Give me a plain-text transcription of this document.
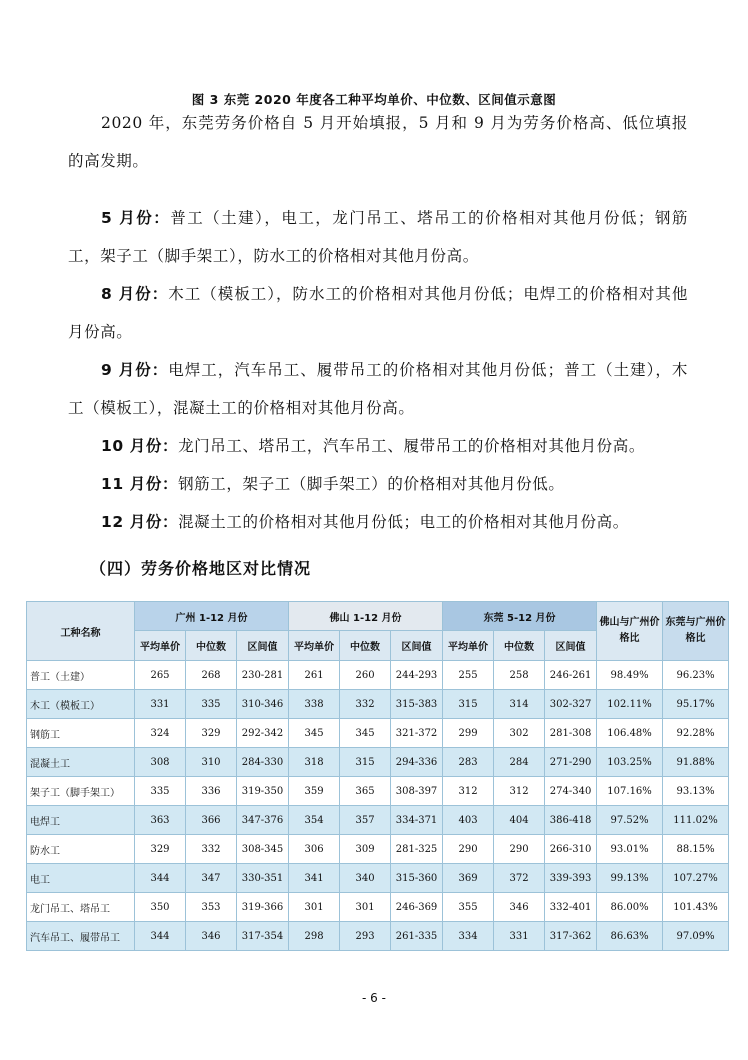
图 3 东莞 2020 年度各工种平均单价、中位数、区间值示意图

2020 年，东莞劳务价格自 5 月开始填报，5 月和 9 月为劳务价格高、低位填报的高发期。

5 月份：普工（土建），电工，龙门吊工、塔吊工的价格相对其他月份低；钢筋工，架子工（脚手架工），防水工的价格相对其他月份高。

8 月份：木工（模板工），防水工的价格相对其他月份低；电焊工的价格相对其他月份高。

9 月份：电焊工，汽车吊工、履带吊工的价格相对其他月份低；普工（土建），木工（模板工），混凝土工的价格相对其他月份高。

10 月份：龙门吊工、塔吊工，汽车吊工、履带吊工的价格相对其他月份高。

11 月份：钢筋工，架子工（脚手架工）的价格相对其他月份低。

12 月份：混凝土工的价格相对其他月份低；电工的价格相对其他月份高。

（四）劳务价格地区对比情况
工种名称	广州 1-12 月份			佛山 1-12 月份			东莞 5-12 月份			佛山与广州价格比	东莞与广州价格比
	平均单价	中位数	区间值	平均单价	中位数	区间值	平均单价	中位数	区间值		
普工（土建）	265	268	230-281	261	260	244-293	255	258	246-261	98.49%	96.23%
木工（模板工）	331	335	310-346	338	332	315-383	315	314	302-327	102.11%	95.17%
钢筋工	324	329	292-342	345	345	321-372	299	302	281-308	106.48%	92.28%
混凝土工	308	310	284-330	318	315	294-336	283	284	271-290	103.25%	91.88%
架子工（脚手架工）	335	336	319-350	359	365	308-397	312	312	274-340	107.16%	93.13%
电焊工	363	366	347-376	354	357	334-371	403	404	386-418	97.52%	111.02%
防水工	329	332	308-345	306	309	281-325	290	290	266-310	93.01%	88.15%
电工	344	347	330-351	341	340	315-360	369	372	339-393	99.13%	107.27%
龙门吊工、塔吊工	350	353	319-366	301	301	246-369	355	346	332-401	86.00%	101.43%
汽车吊工、履带吊工	344	346	317-354	298	293	261-335	334	331	317-362	86.63%	97.09%
- 6 -
